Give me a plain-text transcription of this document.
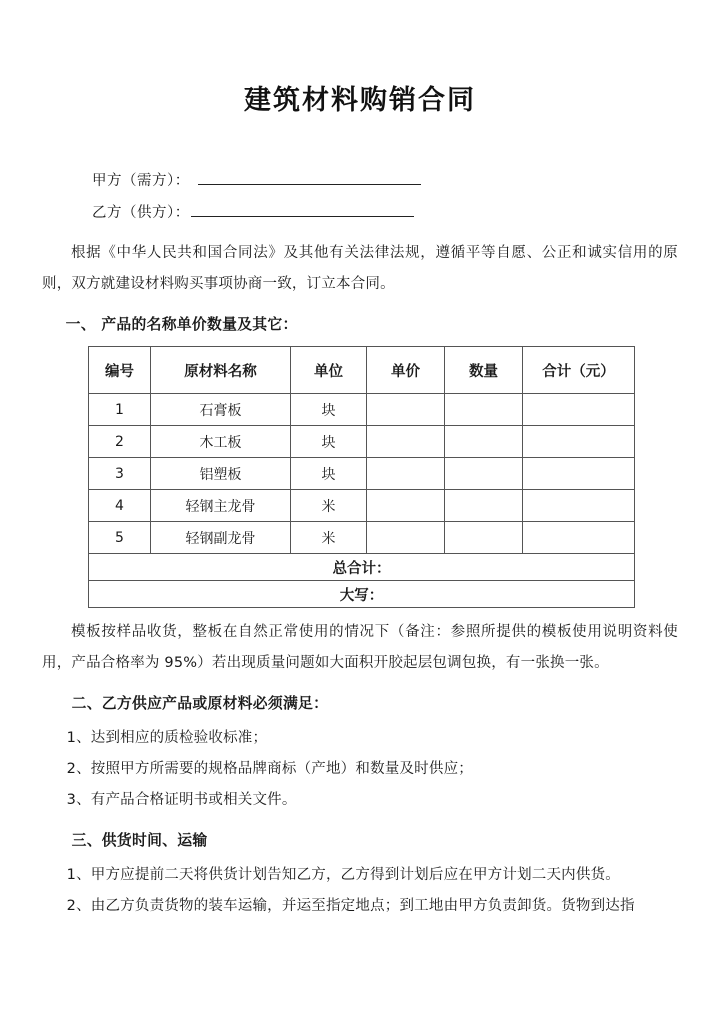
建筑材料购销合同
甲方（需方）：
乙方（供方）：

根据《中华人民共和国合同法》及其他有关法律法规，遵循平等自愿、公正和诚实信用的原则，双方就建设材料购买事项协商一致，订立本合同。

一、 产品的名称单价数量及其它：
编号	原材料名称	单位	单价	数量	合计（元）
1	石膏板	块			
2	木工板	块			
3	铝塑板	块			
4	轻钢主龙骨	米			
5	轻钢副龙骨	米			
总合计：					
大写：					

模板按样品收货，整板在自然正常使用的情况下（备注：参照所提供的模板使用说明资料使用，产品合格率为 95%）若出现质量问题如大面积开胶起层包调包换，有一张换一张。

二、乙方供应产品或原材料必须满足：

1、达到相应的质检验收标准；

2、按照甲方所需要的规格品牌商标（产地）和数量及时供应；

3、有产品合格证明书或相关文件。

三、供货时间、运输

1、甲方应提前二天将供货计划告知乙方，乙方得到计划后应在甲方计划二天内供货。

2、由乙方负责货物的装车运输，并运至指定地点；到工地由甲方负责卸货。货物到达指
